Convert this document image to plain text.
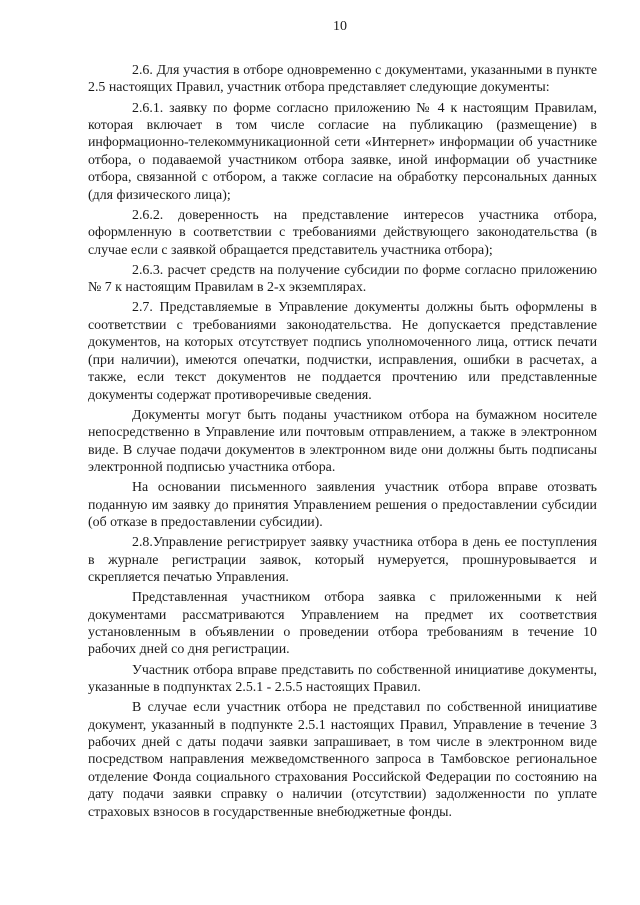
10

2.6. Для участия в отборе одновременно с документами, указанными в пункте 2.5 настоящих Правил, участник отбора представляет следующие документы:

2.6.1. заявку по форме согласно приложению № 4 к настоящим Правилам, которая включает в том числе согласие на публикацию (размещение) в информационно-телекоммуникационной сети «Интернет» информации об участнике отбора, о подаваемой участником отбора заявке, иной информации об участнике отбора, связанной с отбором, а также согласие на обработку персональных данных (для физического лица);

2.6.2. доверенность на представление интересов участника отбора, оформленную в соответствии с требованиями действующего законодательства (в случае если с заявкой обращается представитель участника отбора);

2.6.3. расчет средств на получение субсидии по форме согласно приложению № 7 к настоящим Правилам в 2-х экземплярах.

2.7. Представляемые в Управление документы должны быть оформлены в соответствии с требованиями законодательства. Не допускается представление документов, на которых отсутствует подпись уполномоченного лица, оттиск печати (при наличии), имеются опечатки, подчистки, исправления, ошибки в расчетах, а также, если текст документов не поддается прочтению или представленные документы содержат противоречивые сведения.

Документы могут быть поданы участником отбора на бумажном носителе непосредственно в Управление или почтовым отправлением, а также в электронном виде. В случае подачи документов в электронном виде они должны быть подписаны электронной подписью участника отбора.

На основании письменного заявления участник отбора вправе отозвать поданную им заявку до принятия Управлением решения о предоставлении субсидии (об отказе в предоставлении субсидии).

2.8.Управление регистрирует заявку участника отбора в день ее поступления в журнале регистрации заявок, который нумеруется, прошнуровывается и скрепляется печатью Управления.

Представленная участником отбора заявка с приложенными к ней документами рассматриваются Управлением на предмет их соответствия установленным в объявлении о проведении отбора требованиям в течение 10 рабочих дней со дня регистрации.

Участник отбора вправе представить по собственной инициативе документы, указанные в подпунктах 2.5.1 - 2.5.5 настоящих Правил.

В случае если участник отбора не представил по собственной инициативе документ, указанный в подпункте 2.5.1 настоящих Правил, Управление в течение 3 рабочих дней с даты подачи заявки запрашивает, в том числе в электронном виде посредством направления межведомственного запроса в Тамбовское региональное отделение Фонда социального страхования Российской Федерации по состоянию на дату подачи заявки справку о наличии (отсутствии) задолженности по уплате страховых взносов в государственные внебюджетные фонды.
